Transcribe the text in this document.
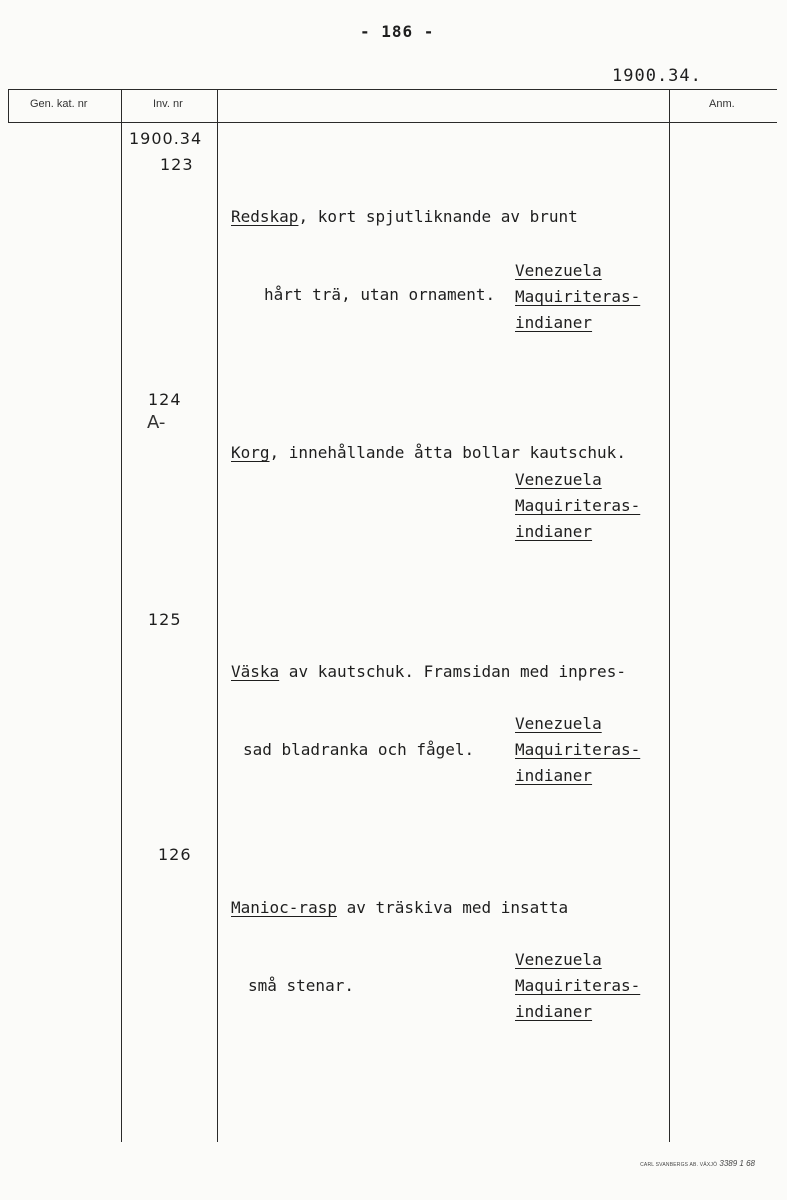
- 186 -
1900.34.
Gen. kat. nr	Inv. nr	Anm.
1900.34
123

Redskap, kort spjutliknande av brunt

hårt trä, utan ornament.

Venezuela
Maquiriteras-
indianer
124
A-

Korg, innehållande åtta bollar kautschuk.

Venezuela
Maquiriteras-
indianer
125

Väska av kautschuk. Framsidan med inpres-

sad bladranka och fågel.

Venezuela
Maquiriteras-
indianer
126

Manioc-rasp av träskiva med insatta

små stenar.

Venezuela
Maquiriteras-
indianer
CARL SVANBERGS AB. VÄXJÖ 3389 1 68
